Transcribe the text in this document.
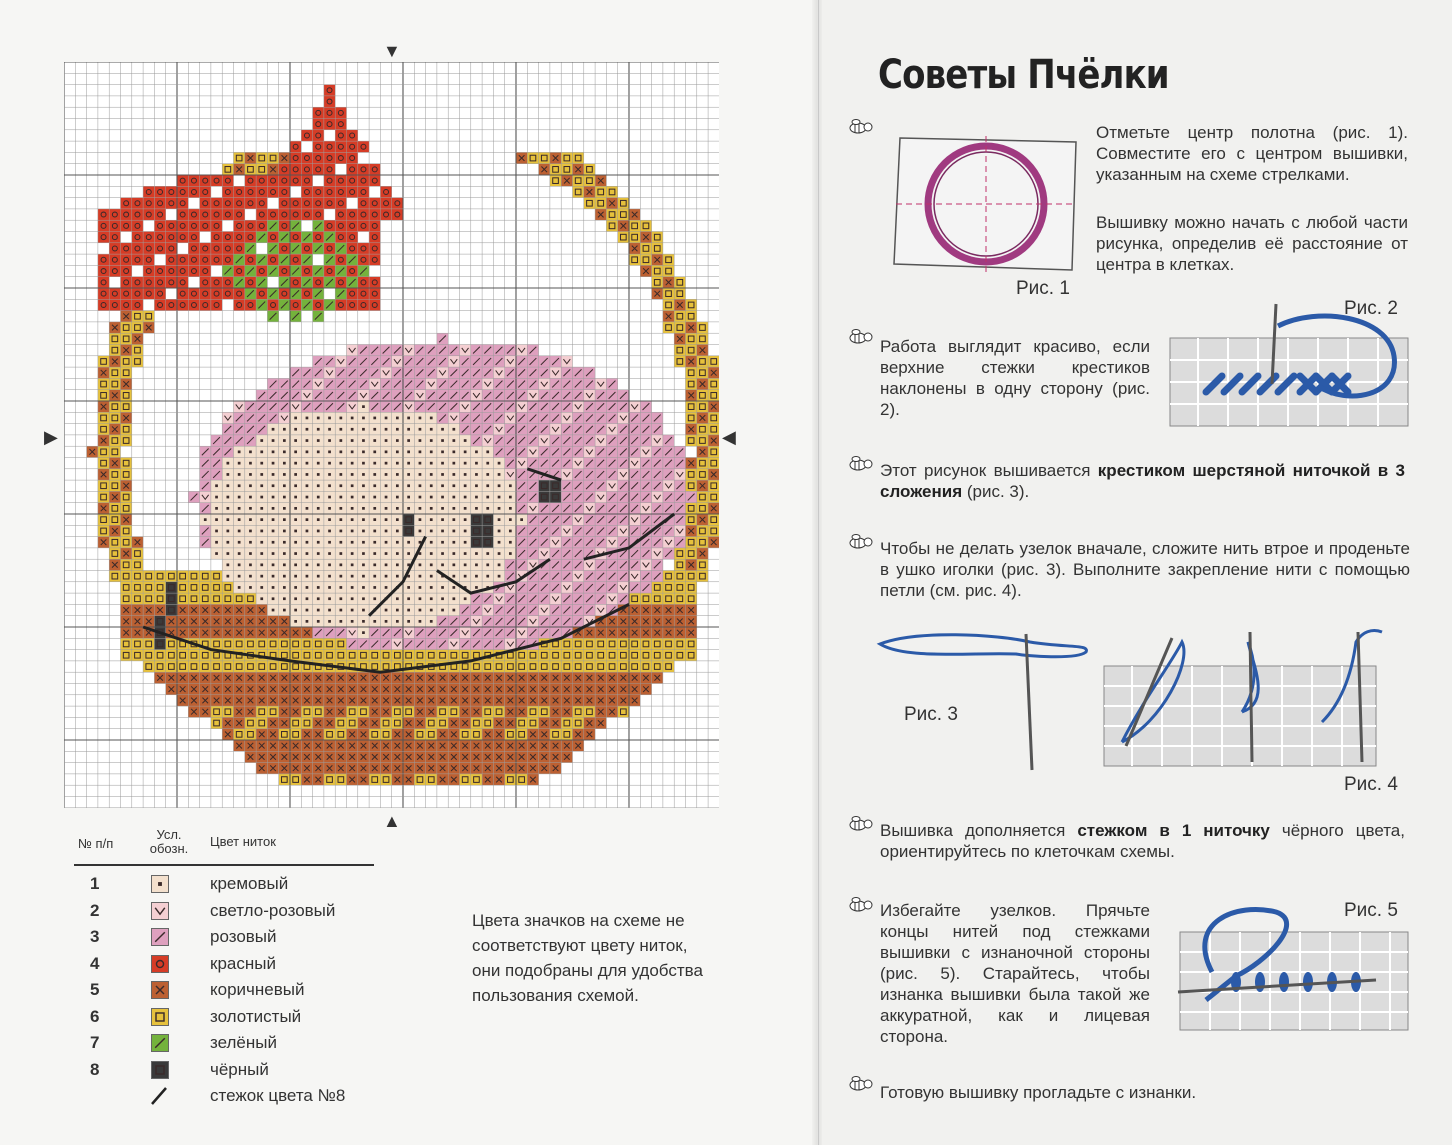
▼
▲
▶	◀
№ п/п
Усл.
обозн.	Цвет ниток
1	кремовый
2	светло-розовый
3	розовый
4	красный
5	коричневый
6	золотистый
7	зелёный
8	чёрный
стежок цвета №8
Цвета значков на схеме не соответствуют цвету ниток, они подобраны для удобства пользования схемой.
Советы Пчёлки
Рис. 1
Отметьте центр полотна (рис. 1). Совместите его с центром вышивки, указанным на схеме стрелками.
Вышивку можно начать с любой части рисунка, определив её расстояние от центра в клетках.
Рис. 2
Работа выглядит красиво, если верхние стежки крестиков наклонены в одну сторону (рис. 2).
Этот рисунок вышивается крестиком шерстяной ниточкой в 3 сложения (рис. 3).
Чтобы не делать узелок вначале, сложите нить втрое и проденьте в ушко иголки (рис. 3). Выполните закрепление нити с помощью петли (см. рис. 4).
Рис. 3
Рис. 4
Вышивка дополняется стежком в 1 ниточку чёрного цвета, ориентируйтесь по клеточкам схемы.
Избегайте узелков. Прячьте концы нитей под стежками вышивки с изнаночной стороны (рис. 5). Старайтесь, чтобы изнанка вышивки была такой же аккуратной, как и лицевая сторона.
Рис. 5
Готовую вышивку прогладьте с изнанки.
